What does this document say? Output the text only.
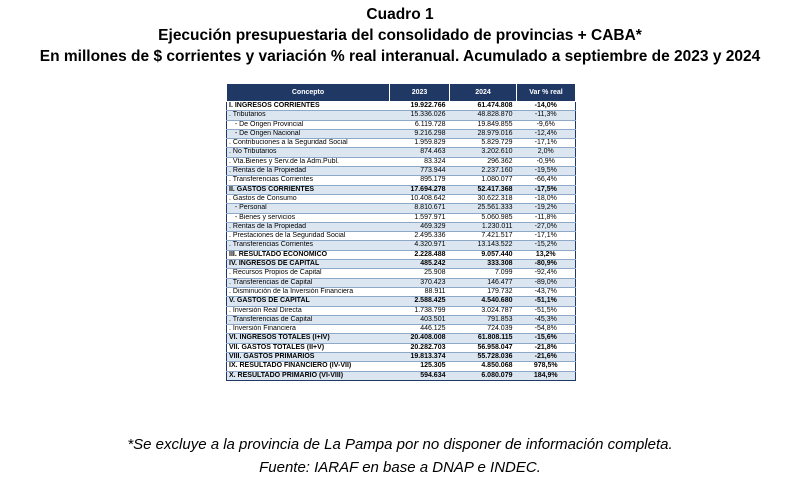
Cuadro 1
Ejecución presupuestaria del consolidado de provincias + CABA*
En millones de $ corrientes y variación % real interanual. Acumulado a septiembre de 2023 y 2024
Concepto	2023	2024	Var % real
I. INGRESOS CORRIENTES	19.922.766	61.474.808	-14,0%
. Tributarios	15.336.026	48.828.870	-11,3%
- De Origen Provincial	6.119.728	19.849.855	-9,6%
- De Origen Nacional	9.216.298	28.979.016	-12,4%
. Contribuciones a la Seguridad Social	1.959.829	5.829.729	-17,1%
. No Tributarios	874.463	3.202.610	2,0%
. Vta.Bienes y Serv.de la Adm.Publ.	83.324	296.362	-0,9%
. Rentas de la Propiedad	773.944	2.237.160	-19,5%
. Transferencias Corrientes	895.179	1.080.077	-66,4%
II. GASTOS CORRIENTES	17.694.278	52.417.368	-17,5%
. Gastos de Consumo	10.408.642	30.622.318	-18,0%
- Personal	8.810.671	25.561.333	-19,2%
- Bienes y servicios	1.597.971	5.060.985	-11,8%
. Rentas de la Propiedad	469.329	1.230.011	-27,0%
. Prestaciones de la Seguridad Social	2.495.336	7.421.517	-17,1%
. Transferencias Corrientes	4.320.971	13.143.522	-15,2%
III. RESULTADO ECONOMICO	2.228.488	9.057.440	13,2%
IV. INGRESOS DE CAPITAL	485.242	333.308	-80,9%
. Recursos Propios de Capital	25.908	7.099	-92,4%
. Transferencias de Capital	370.423	146.477	-89,0%
. Disminución de la Inversión Financiera	88.911	179.732	-43,7%
V. GASTOS DE CAPITAL	2.588.425	4.540.680	-51,1%
. Inversión Real Directa	1.738.799	3.024.787	-51,5%
. Transferencias de Capital	403.501	791.853	-45,3%
. Inversión Financiera	446.125	724.039	-54,8%
VI. INGRESOS TOTALES (I+IV)	20.408.008	61.808.115	-15,6%
VII. GASTOS TOTALES (II+V)	20.282.703	56.958.047	-21,8%
VIII. GASTOS PRIMARIOS	19.813.374	55.728.036	-21,6%
IX. RESULTADO FINANCIERO (IV-VII)	125.305	4.850.068	978,5%
X. RESULTADO PRIMARIO (VI-VIII)	594.634	6.080.079	184,9%
*Se excluye a la provincia de La Pampa por no disponer de información completa.
Fuente: IARAF en base a DNAP e INDEC.
